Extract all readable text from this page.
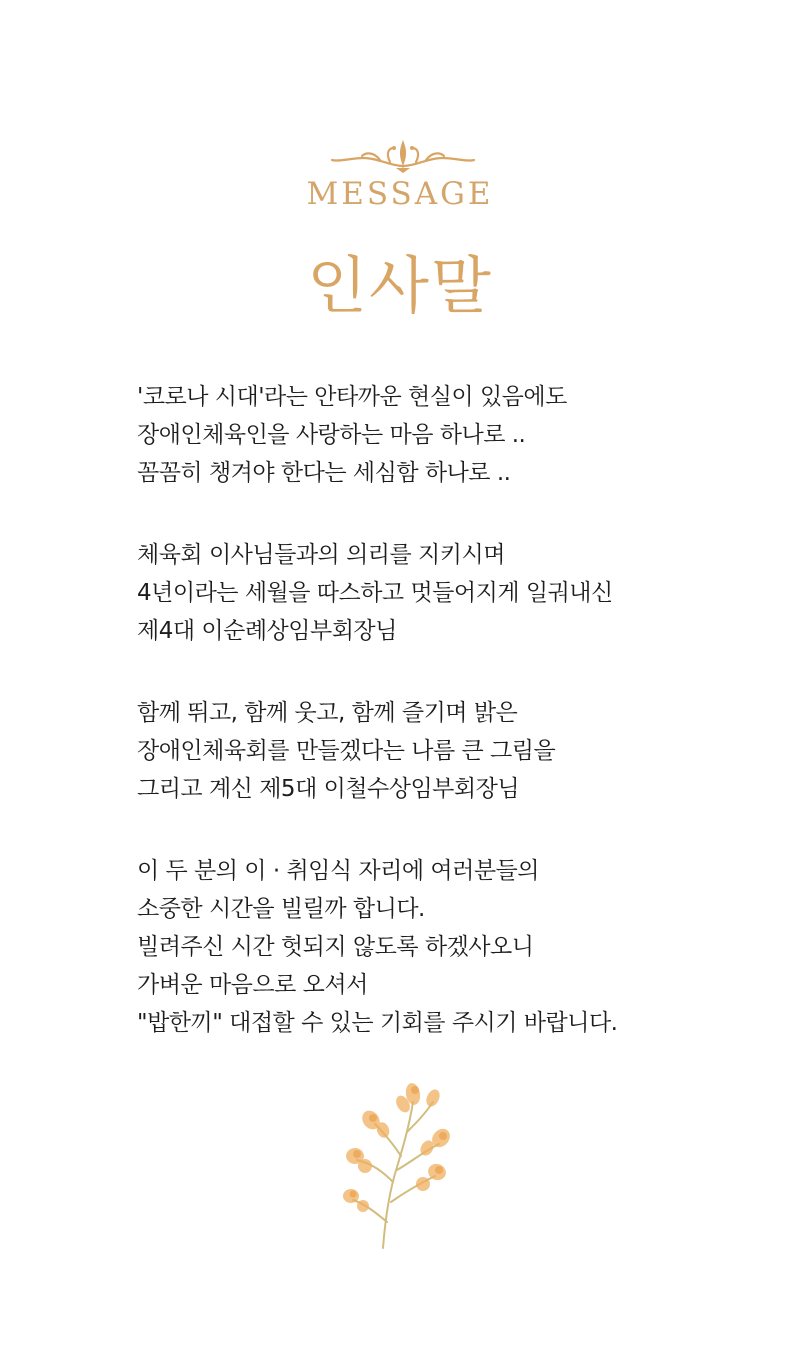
MESSAGE
인사말

'코로나 시대'라는 안타까운 현실이 있음에도
장애인체육인을 사랑하는 마음 하나로 ..
꼼꼼히 챙겨야 한다는 세심함 하나로 ..

체육회 이사님들과의 의리를 지키시며
4년이라는 세월을 따스하고 멋들어지게 일궈내신
제4대 이순례상임부회장님

함께 뛰고, 함께 웃고, 함께 즐기며 밝은
장애인체육회를 만들겠다는 나름 큰 그림을
그리고 계신 제5대 이철수상임부회장님

이 두 분의 이 · 취임식 자리에 여러분들의
소중한 시간을 빌릴까 합니다.
빌려주신 시간 헛되지 않도록 하겠사오니
가벼운 마음으로 오셔서
"밥한끼" 대접할 수 있는 기회를 주시기 바랍니다.
